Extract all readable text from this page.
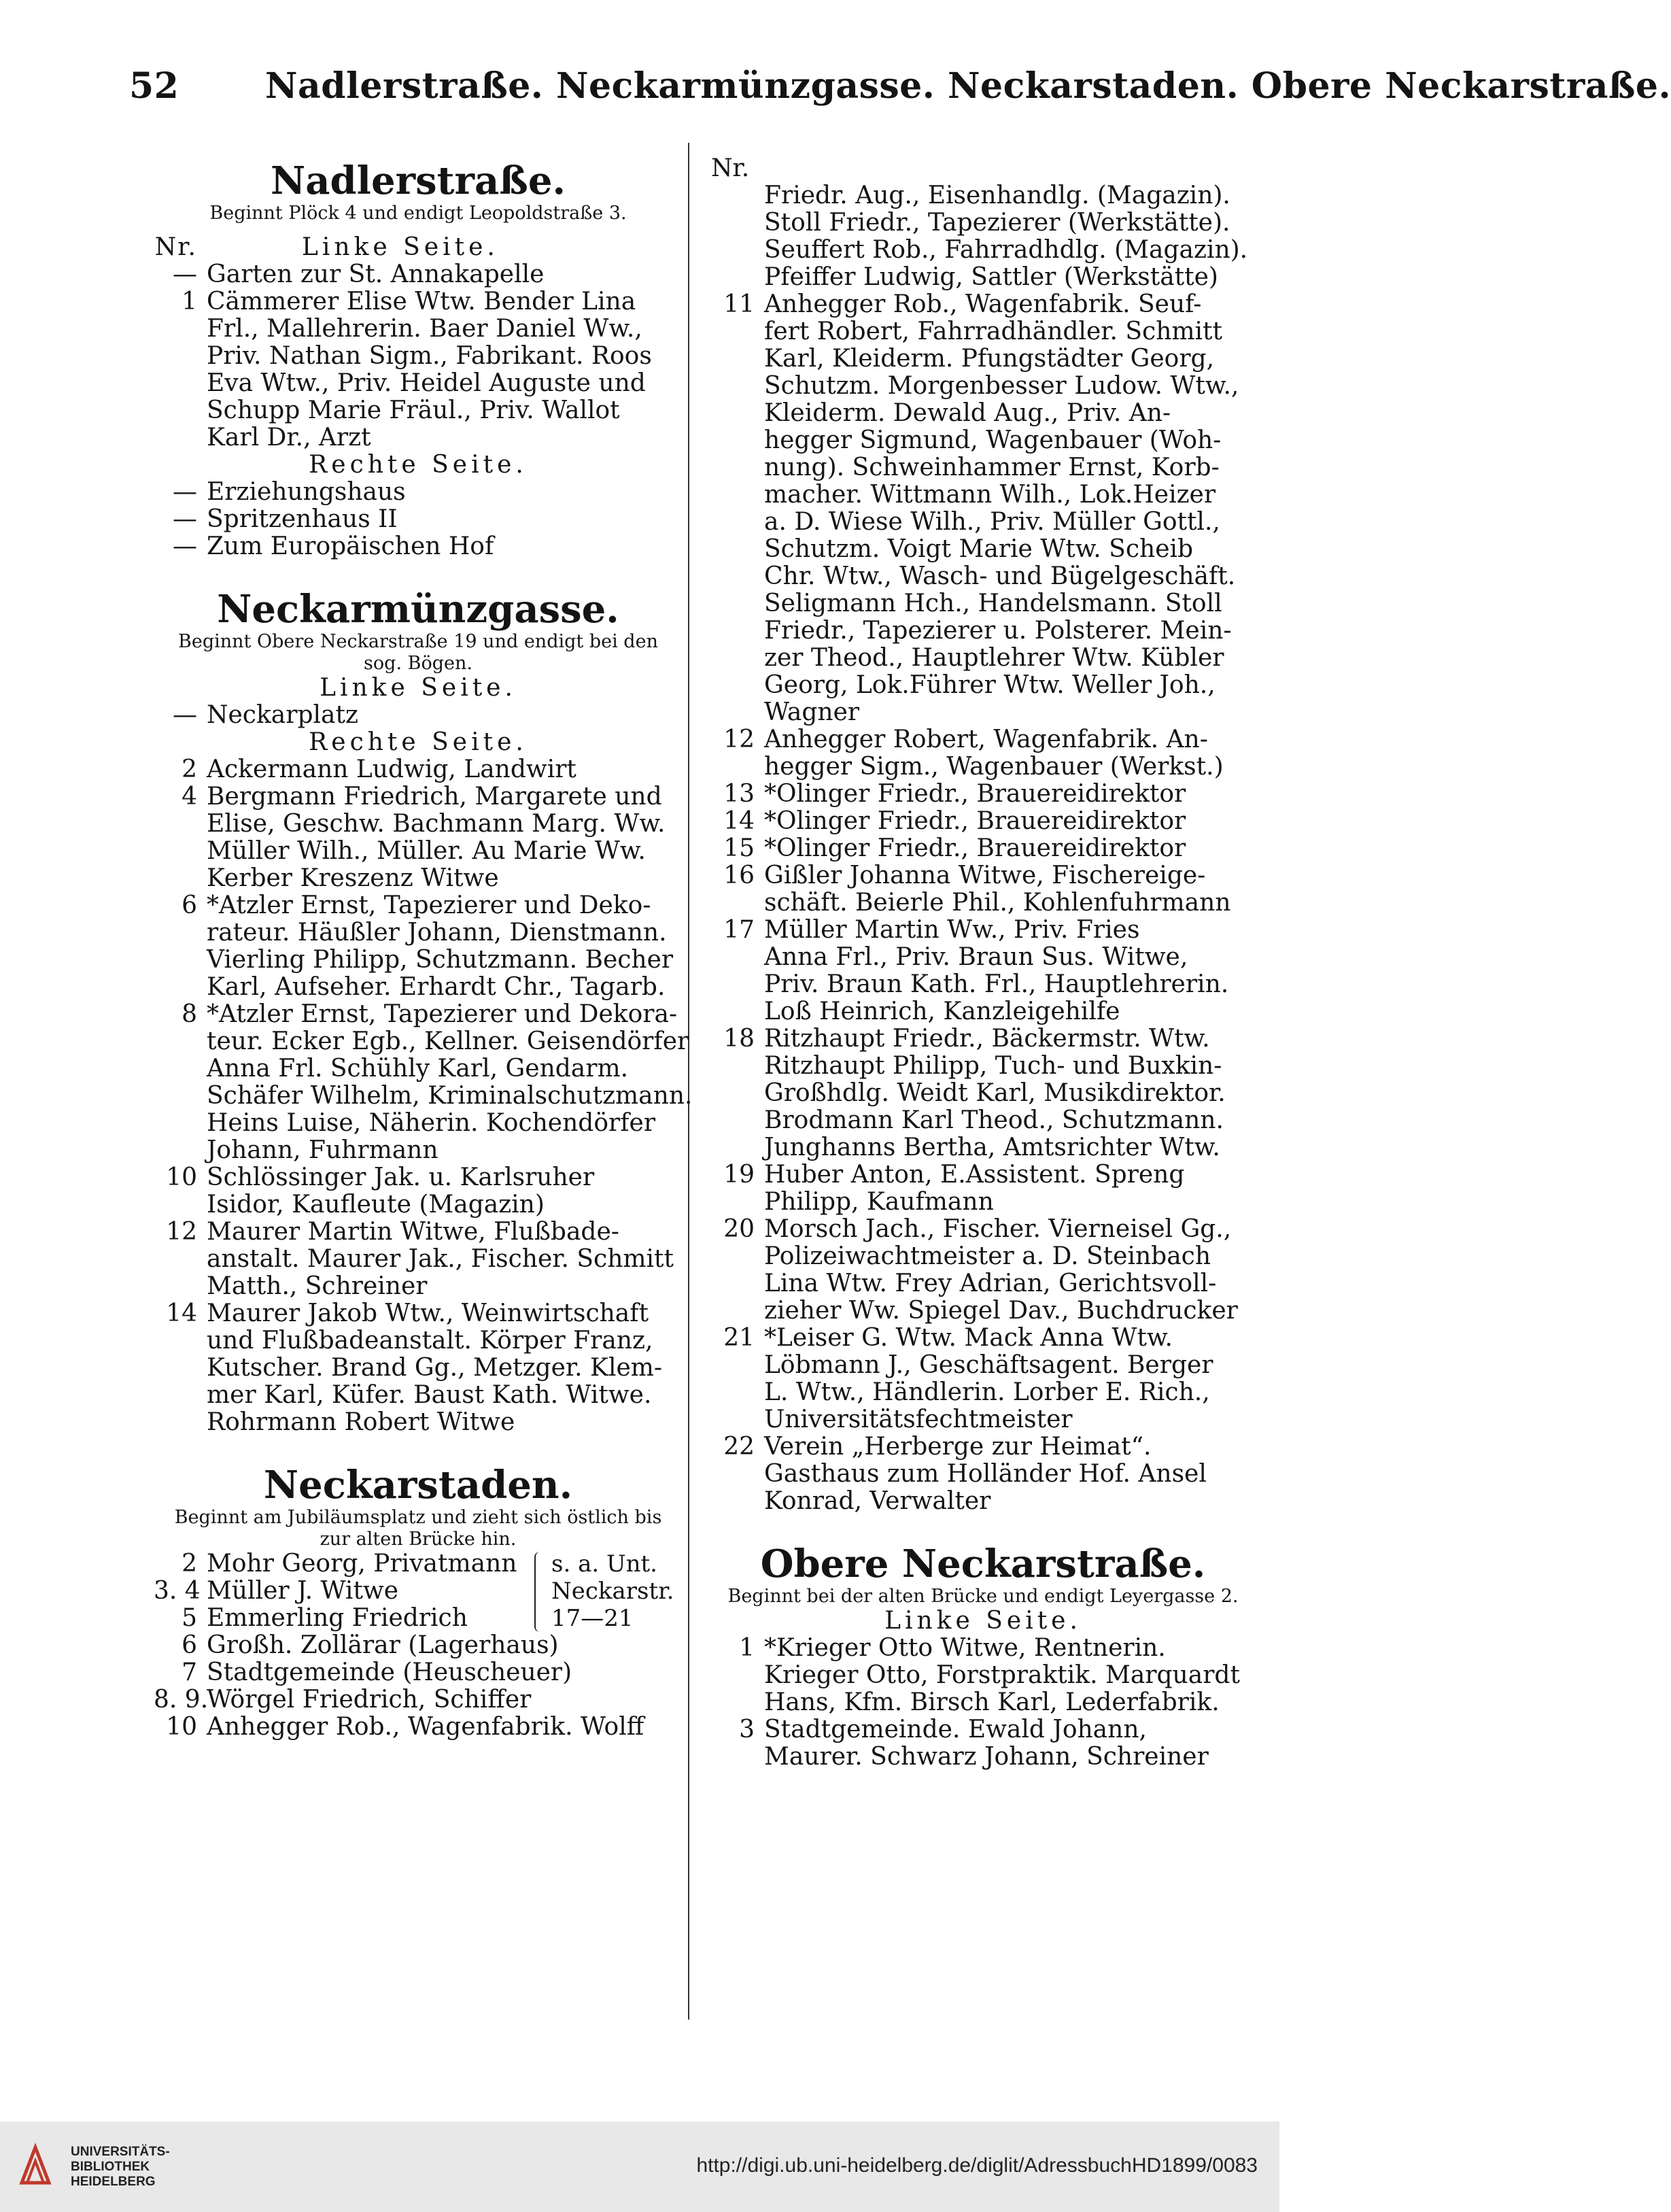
52 Nadlerstraße. Neckarmünzgasse. Neckarstaden. Obere Neckarstraße.
Nadlerstraße.
Beginnt Plöck 4 und endigt Leopoldstraße 3.
Nr.	Linke Seite.
— Garten zur St. Annakapelle
1 Cämmerer Elise Wtw. Bender Lina
Frl., Mallehrerin. Baer Daniel Ww.,
Priv. Nathan Sigm., Fabrikant. Roos
Eva Wtw., Priv. Heidel Auguste und
Schupp Marie Fräul., Priv. Wallot
Karl Dr., Arzt
Rechte Seite.
— Erziehungshaus
— Spritzenhaus II
— Zum Europäischen Hof
Neckarmünzgasse.
Beginnt Obere Neckarstraße 19 und endigt bei den
sog. Bögen.
Linke Seite.
— Neckarplatz
Rechte Seite.
2 Ackermann Ludwig, Landwirt
4 Bergmann Friedrich, Margarete und
Elise, Geschw. Bachmann Marg. Ww.
Müller Wilh., Müller. Au Marie Ww.
Kerber Kreszenz Witwe
6 *Atzler Ernst, Tapezierer und Deko-
rateur. Häußler Johann, Dienstmann.
Vierling Philipp, Schutzmann. Becher
Karl, Aufseher. Erhardt Chr., Tagarb.
8 *Atzler Ernst, Tapezierer und Dekora-
teur. Ecker Egb., Kellner. Geisendörfer
Anna Frl. Schühly Karl, Gendarm.
Schäfer Wilhelm, Kriminalschutzmann.
Heins Luise, Näherin. Kochendörfer
Johann, Fuhrmann
10 Schlössinger Jak. u. Karlsruher
Isidor, Kaufleute (Magazin)
12 Maurer Martin Witwe, Flußbade-
anstalt. Maurer Jak., Fischer. Schmitt
Matth., Schreiner
14 Maurer Jakob Wtw., Weinwirtschaft
und Flußbadeanstalt. Körper Franz,
Kutscher. Brand Gg., Metzger. Klem-
mer Karl, Küfer. Baust Kath. Witwe.
Rohrmann Robert Witwe
Neckarstaden.
Beginnt am Jubiläumsplatz und zieht sich östlich bis
zur alten Brücke hin.
2 Mohr Georg, Privatmann
3. 4 Müller J. Witwe
5 Emmerling Friedrich
6 Großh. Zollärar (Lagerhaus)
7 Stadtgemeinde (Heuscheuer)
8. 9.Wörgel Friedrich, Schiffer
10 Anhegger Rob., Wagenfabrik. Wolff
s. a. Unt.
Neckarstr.
17—21
Nr.
Friedr. Aug., Eisenhandlg. (Magazin).
Stoll Friedr., Tapezierer (Werkstätte).
Seuffert Rob., Fahrradhdlg. (Magazin).
Pfeiffer Ludwig, Sattler (Werkstätte)
11 Anhegger Rob., Wagenfabrik. Seuf-
fert Robert, Fahrradhändler. Schmitt
Karl, Kleiderm. Pfungstädter Georg,
Schutzm. Morgenbesser Ludow. Wtw.,
Kleiderm. Dewald Aug., Priv. An-
hegger Sigmund, Wagenbauer (Woh-
nung). Schweinhammer Ernst, Korb-
macher. Wittmann Wilh., Lok.Heizer
a. D. Wiese Wilh., Priv. Müller Gottl.,
Schutzm. Voigt Marie Wtw. Scheib
Chr. Wtw., Wasch- und Bügelgeschäft.
Seligmann Hch., Handelsmann. Stoll
Friedr., Tapezierer u. Polsterer. Mein-
zer Theod., Hauptlehrer Wtw. Kübler
Georg, Lok.Führer Wtw. Weller Joh.,
Wagner
12 Anhegger Robert, Wagenfabrik. An-
hegger Sigm., Wagenbauer (Werkst.)
13 *Olinger Friedr., Brauereidirektor
14 *Olinger Friedr., Brauereidirektor
15 *Olinger Friedr., Brauereidirektor
16 Gißler Johanna Witwe, Fischereige-
schäft. Beierle Phil., Kohlenfuhrmann
17 Müller Martin Ww., Priv. Fries
Anna Frl., Priv. Braun Sus. Witwe,
Priv. Braun Kath. Frl., Hauptlehrerin.
Loß Heinrich, Kanzleigehilfe
18 Ritzhaupt Friedr., Bäckermstr. Wtw.
Ritzhaupt Philipp, Tuch- und Buxkin-
Großhdlg. Weidt Karl, Musikdirektor.
Brodmann Karl Theod., Schutzmann.
Junghanns Bertha, Amtsrichter Wtw.
19 Huber Anton, E.Assistent. Spreng
Philipp, Kaufmann
20 Morsch Jach., Fischer. Vierneisel Gg.,
Polizeiwachtmeister a. D. Steinbach
Lina Wtw. Frey Adrian, Gerichtsvoll-
zieher Ww. Spiegel Dav., Buchdrucker
21 *Leiser G. Wtw. Mack Anna Wtw.
Löbmann J., Geschäftsagent. Berger
L. Wtw., Händlerin. Lorber E. Rich.,
Universitätsfechtmeister
22 Verein „Herberge zur Heimat“.
Gasthaus zum Holländer Hof. Ansel
Konrad, Verwalter
Obere Neckarstraße.
Beginnt bei der alten Brücke und endigt Leyergasse 2.
Linke Seite.
1 *Krieger Otto Witwe, Rentnerin.
Krieger Otto, Forstpraktik. Marquardt
Hans, Kfm. Birsch Karl, Lederfabrik.
3 Stadtgemeinde. Ewald Johann,
Maurer. Schwarz Johann, Schreiner
UNIVERSITÄTS-
BIBLIOTHEK
HEIDELBERG
http://digi.ub.uni-heidelberg.de/diglit/AdressbuchHD1899/0083
